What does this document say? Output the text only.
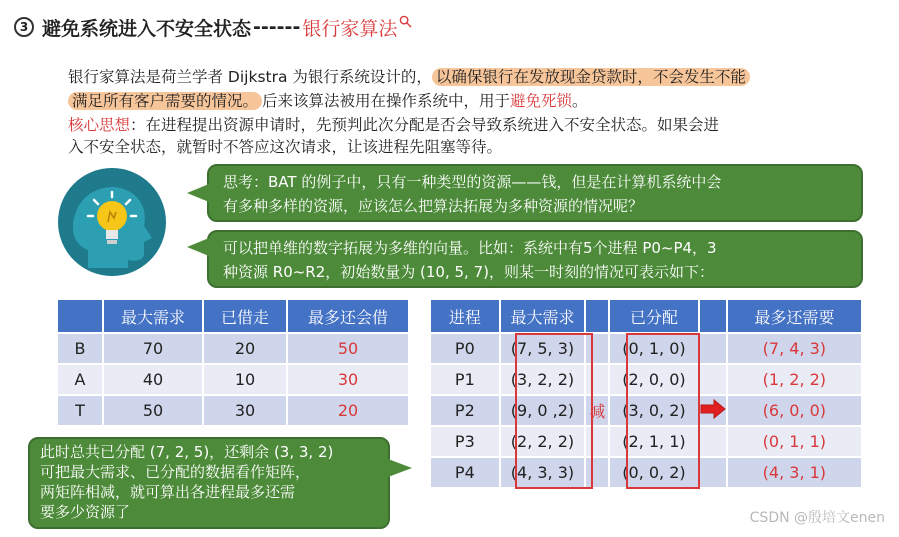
3 避免系统进入不安全状态 ------ 银行家算法
银行家算法是荷兰学者 Dijkstra 为银行系统设计的， 以确保银行在发放现金贷款时，不会发生不能
满足所有客户需要的情况。 后来该算法被用在操作系统中，用于避免死锁。
核心思想：在进程提出资源申请时，先预判此次分配是否会导致系统进入不安全状态。如果会进
入不安全状态，就暂时不答应这次请求，让该进程先阻塞等待。
思考：BAT 的例子中，只有一种类型的资源——钱，但是在计算机系统中会
有多种多样的资源，应该怎么把算法拓展为多种资源的情况呢？
可以把单维的数字拓展为多维的向量。比如：系统中有5个进程 P0~P4，3
种资源 R0~R2，初始数量为 (10, 5, 7)，则某一时刻的情况可表示如下：
	最大需求	已借走	最多还会借
B	70	20	50
A	40	10	30
T	50	30	20
进程	最大需求		已分配		最多还需要
P0	(7, 5, 3)		(0, 1, 0)		(7, 4, 3)
P1	(3, 2, 2)		(2, 0, 0)		(1, 2, 2)
P2	(9, 0 ,2)	减	(3, 0, 2)		(6, 0, 0)
P3	(2, 2, 2)		(2, 1, 1)		(0, 1, 1)
P4	(4, 3, 3)		(0, 0, 2)		(4, 3, 1)
此时总共已分配 (7, 2, 5)，还剩余 (3, 3, 2)
可把最大需求、已分配的数据看作矩阵，
两矩阵相减，就可算出各进程最多还需
要多少资源了	CSDN @殷培文enen
